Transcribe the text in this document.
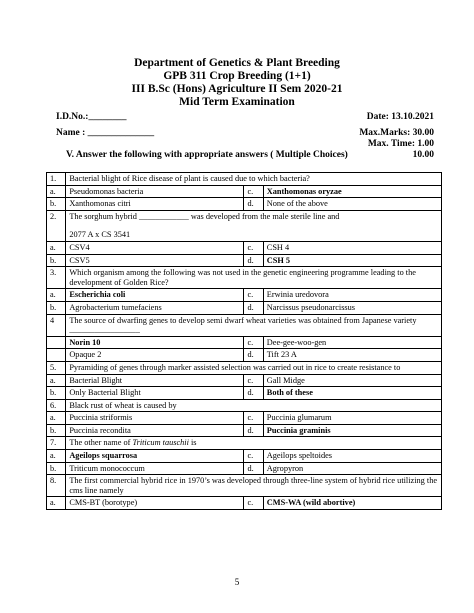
Department of Genetics & Plant Breeding
GPB 311 Crop Breeding (1+1)
III B.Sc (Hons) Agriculture II Sem 2020-21
Mid Term Examination
I.D.No.:________	Date: 13.10.2021
Name : ______________	Max.Marks: 30.00
Max. Time: 1.00
V. Answer the following with appropriate answers ( Multiple Choices)	10.00
1.	Bacterial blight of Rice disease of plant is caused due to which bacteria?		

a.	Pseudomonas bacteria	c.	Xanthomonas oryzae
b.	Xanthomonas citri	d.	None of the above
2.	The sorghum hybrid ____________ was developed from the male sterile line and
2077 A x CS 3541		

a.	CSV4	c.	CSH 4
b.	CSV5	d.	CSH 5
3.	Which organism among the following was not used in the genetic engineering programme leading to the development of Golden Rice?		

a.	Escherichia coli	c.	Erwinia uredovora
b.	Agrobacterium tumefaciens	d.	Narcissus pseudonarcissus
4	The source of dwarfing genes to develop semi dwarf wheat varieties was obtained from Japanese variety _________________		

	Norin 10	c.	Dee-gee-woo-gen
	Opaque 2	d.	Tift 23 A
5.	Pyramiding of genes through marker assisted selection was carried out in rice to create resistance to		

a.	Bacterial Blight	c.	Gall Midge
b.	Only Bacterial Blight	d.	Both of these
6.	Black rust of wheat is caused by		

a.	Puccinia striformis	c.	Puccinia glumarum
b.	Puccinia recondita	d.	Puccinia graminis
7.	The other name of Triticum tauschii is		
a.	Ageilops squarrosa	c.	Ageilops speltoides
b.	Triticum monococcum	d.	Agropyron
8.	The first commercial hybrid rice in 1970’s was developed through three-line system of hybrid rice utilizing the cms line namely		

a.	CMS-BT (borotype)	c.	CMS-WA (wild abortive)
5
